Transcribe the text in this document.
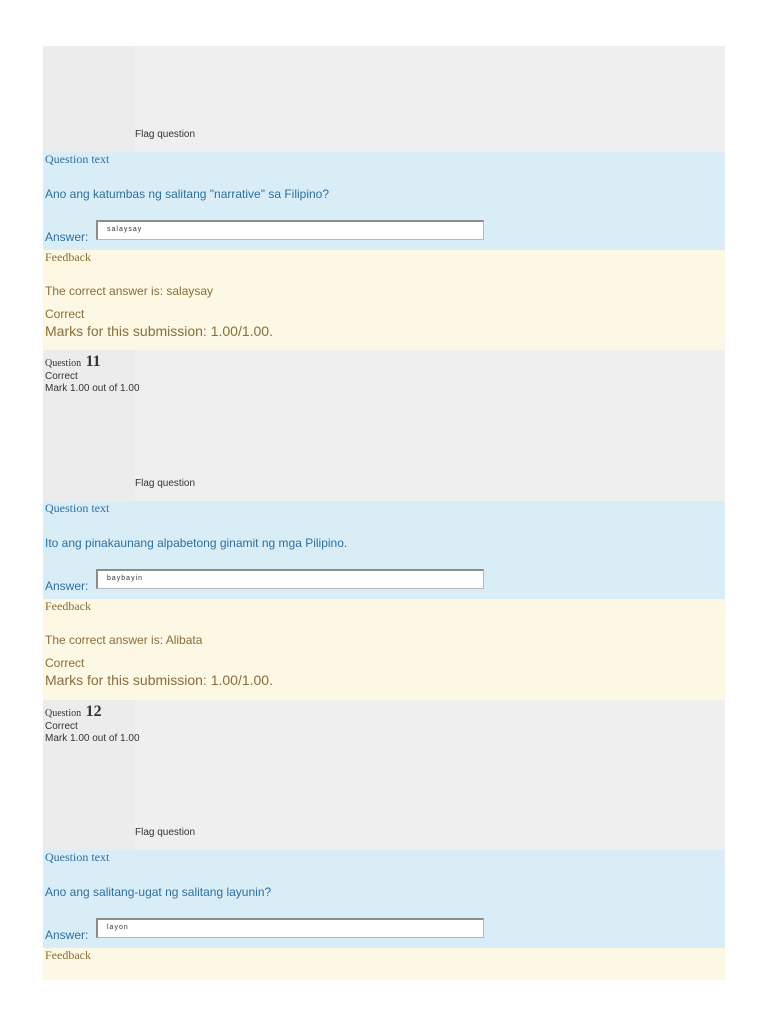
Flag question
Question text
Ano ang katumbas ng salitang "narrative" sa Filipino?
Answer:
salaysay
Feedback
The correct answer is: salaysay
Correct
Marks for this submission: 1.00/1.00.
Question 11
Correct
Mark 1.00 out of 1.00
Flag question
Question text
Ito ang pinakaunang alpabetong ginamit ng mga Pilipino.
Answer:
baybayin
Feedback
The correct answer is: Alibata
Correct
Marks for this submission: 1.00/1.00.
Question 12
Correct
Mark 1.00 out of 1.00
Flag question
Question text
Ano ang salitang-ugat ng salitang layunin?
Answer:
layon
Feedback
